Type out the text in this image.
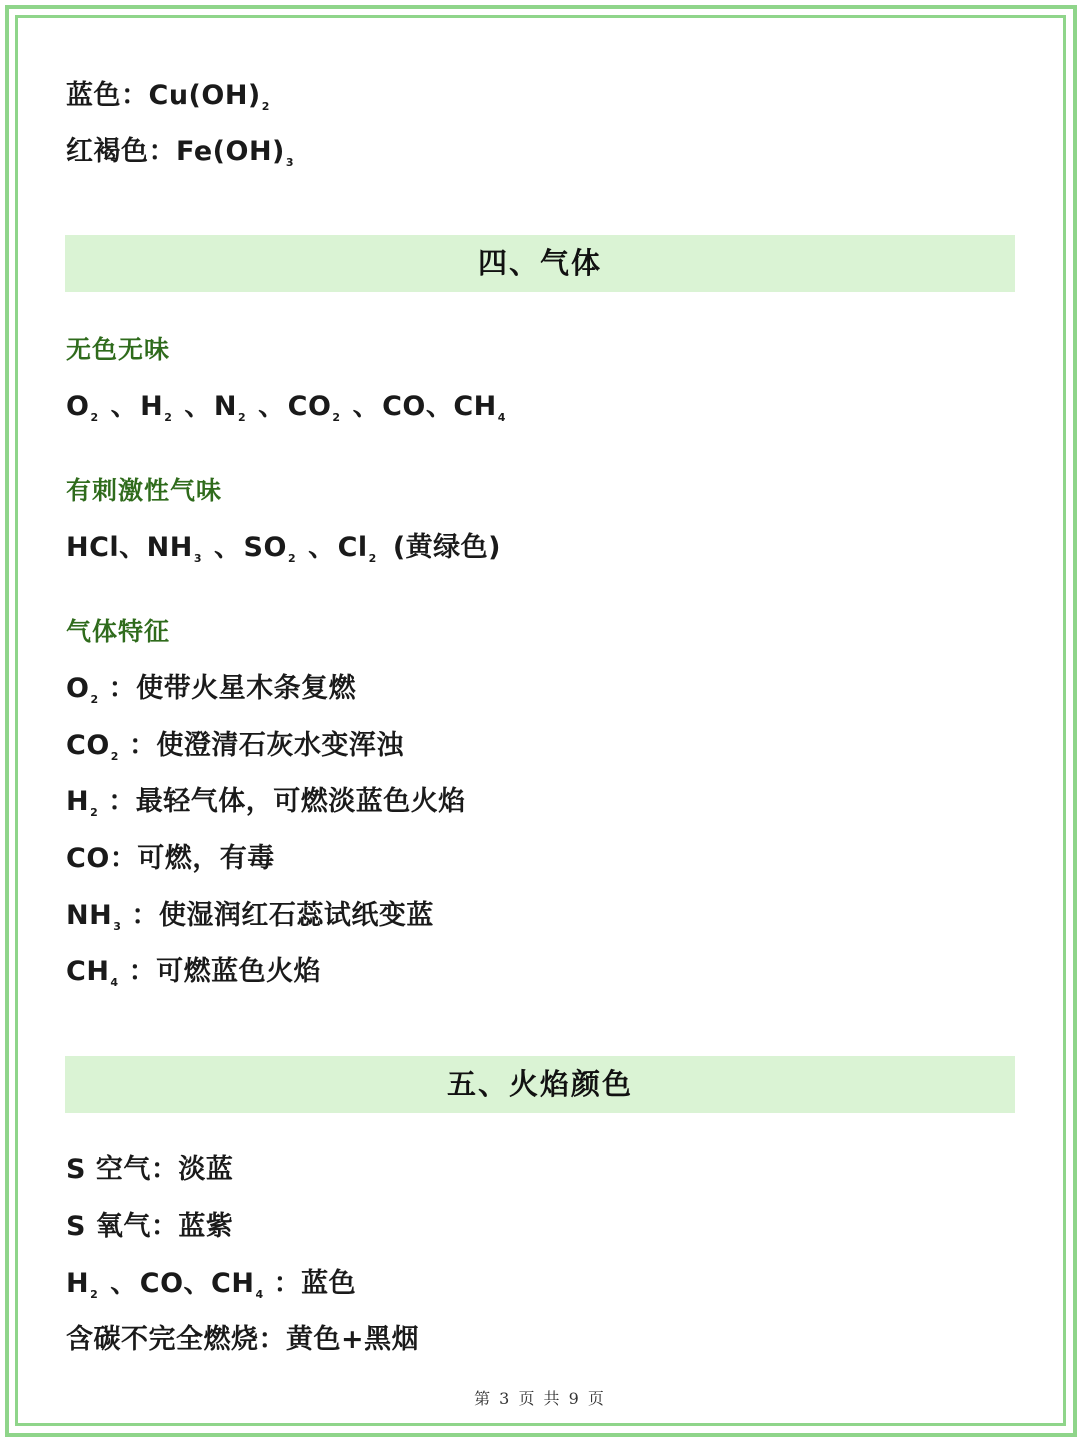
蓝色：$Cu(OH)_2$
红褐色：$Fe(OH)_3$
无色无味
$O_2$ 、$H_2$ 、$N_2$ 、$CO_2$ 、CO、$CH_4$
有刺激性气味
HCl、$NH_3$ 、$SO_2$ 、$Cl_2$ (黄绿色)
气体特征
$O_2$ ：使带火星木条复燃
$CO_2$ ：使澄清石灰水变浑浊
$H_2$ ：最轻气体，可燃淡蓝色火焰
CO：可燃，有毒
$NH_3$ ：使湿润红石蕊试纸变蓝
$CH_4$ ：可燃蓝色火焰
S 空气：淡蓝
S 氧气：蓝紫
$H_2$ 、CO、$CH_4$ ：蓝色
含碳不完全燃烧：黄色+黑烟
四、气体
五、火焰颜色
第 3 页 共 9 页
